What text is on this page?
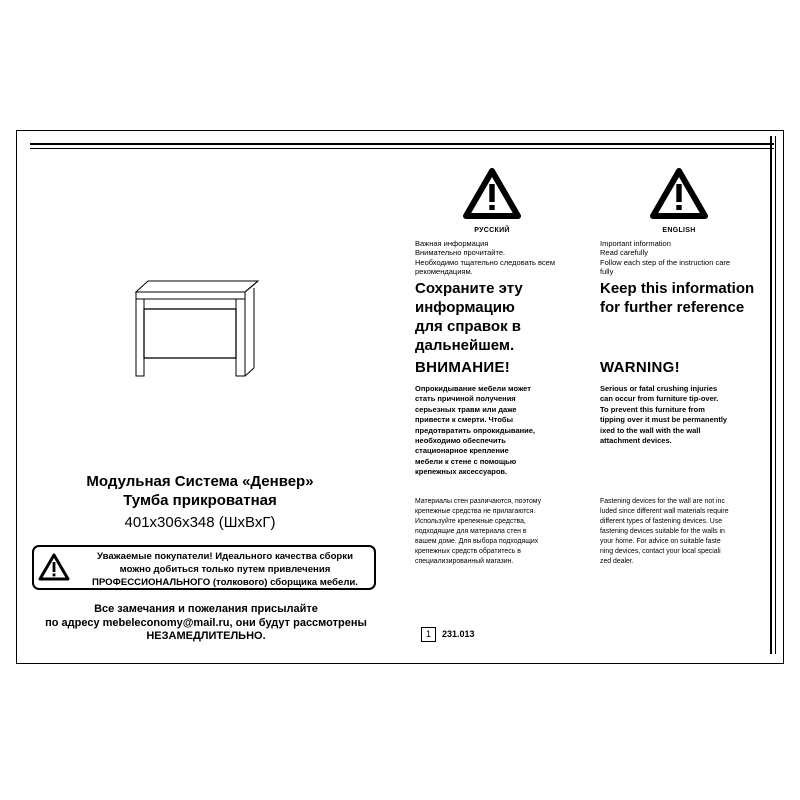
Модульная Система «Денвер»
Тумба прикроватная
401x306x348 (ШхВхГ)
Уважаемые покупатели! Идеального качества сборки
можно добиться только путем привлечения
ПРОФЕССИОНАЛЬНОГО (толкового) сборщика мебели.
Все замечания и пожелания присылайте
по адресу mebeleconomy@mail.ru, они будут рассмотрены
НЕЗАМЕДЛИТЕЛЬНО.
РУССКИЙ	ENGLISH
Важная информация
Внимательно прочитайте.
Необходимо тщательно следовать всем
рекомендациям.
Important information
Read carefully
Follow each step of the instruction care
fully
Сохраните эту
информацию
для справок в
дальнейшем.
Keep this information
for further reference
ВНИМАНИЕ!	WARNING!
Опрокидывание мебели может
стать причиной получения
серьезных травм или даже
привести к смерти. Чтобы
предотвратить опрокидывание,
необходимо обеспечить
стационарное крепление
мебели к стене с помощью
крепежных аксессуаров.
Serious or fatal crushing injuries
can occur from furniture tip-over.
To prevent this furniture from
tipping over it must be permanently
ixed to the wall with the wall
attachment devices.
Материалы стен различаются, поэтому
крепежные средства не прилагаются.
Используйте крепежные средства,
подходящие для материала стен в
вашем доме. Для выбора подходящих
крепежных средств обратитесь в
специализированный магазин.
Fastening devices for the wall are not inc
luded since different wall materials require
different types of fastening devices. Use
fastening devices suitable for the walls in
your home. For advice on suitable faste
ning devices, contact your local speciali
zed dealer.
1	231.013
